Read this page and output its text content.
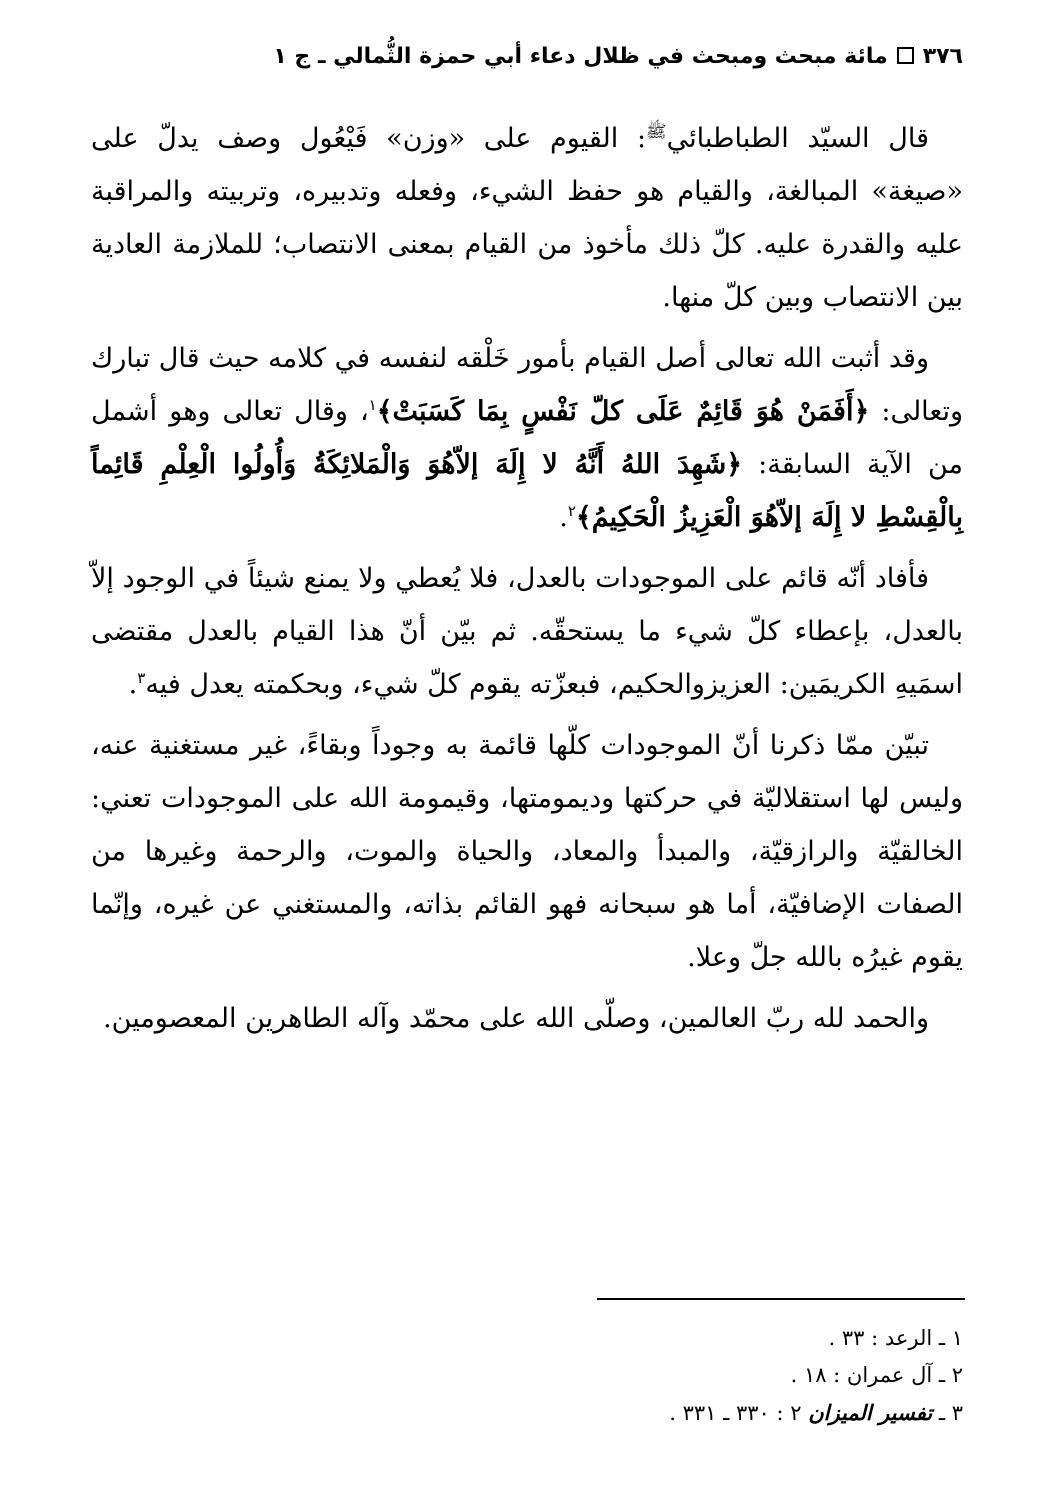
٣٧٦مائة مبحث ومبحث في ظلال دعاء أبي حمزة الثُّمالي ـ ج ١

قال السيّد الطباطبائي$^ﷺ$: القيوم على «وزن» فَيْعُول وصف يدلّ على «صيغة» المبالغة، والقيام هو حفظ الشيء، وفعله وتدبيره، وتربيته والمراقبة عليه والقدرة عليه. كلّ ذلك مأخوذ من القيام بمعنى الانتصاب؛ للملازمة العادية بين الانتصاب وبين كلّ منها.

وقد أثبت الله تعالى أصل القيام بأمور خَلْقه لنفسه في كلامه حيث قال تبارك وتعالى: ﴿أَفَمَنْ هُوَ قَائِمٌ عَلَى كلّ نَفْسٍ بِمَا كَسَبَتْ﴾$^١$، وقال تعالى وهو أشمل من الآية السابقة: ﴿شَهِدَ اللهُ أَنَّهُ لا إِلَهَ إلاّهُوَ وَالْمَلائِكَةُ وَأُولُوا الْعِلْمِ قَائِماً بِالْقِسْطِ لا إِلَهَ إلاّهُوَ الْعَزِيزُ الْحَكِيمُ﴾$^٢$.

فأفاد أنّه قائم على الموجودات بالعدل، فلا يُعطي ولا يمنع شيئاً في الوجود إلاّ بالعدل، بإعطاء كلّ شيء ما يستحقّه. ثم بيّن أنّ هذا القيام بالعدل مقتضى اسمَيهِ الكريمَين: العزيزوالحكيم، فبعزّته يقوم كلّ شيء، وبحكمته يعدل فيه$^٣$.

تبيّن ممّا ذكرنا أنّ الموجودات كلّها قائمة به وجوداً وبقاءً، غير مستغنية عنه، وليس لها استقلاليّة في حركتها وديمومتها، وقيمومة الله على الموجودات تعني: الخالقيّة والرازقيّة، والمبدأ والمعاد، والحياة والموت، والرحمة وغيرها من الصفات الإضافيّة، أما هو سبحانه فهو القائم بذاته، والمستغني عن غيره، وإنّما يقوم غيرُه بالله جلّ وعلا.

والحمد لله ربّ العالمين، وصلّى الله على محمّد وآله الطاهرين المعصومين.

١ ـ الرعد : ٣٣ .
٢ ـ آل عمران : ١٨ .
٣ ـ تفسير الميزان ٢ : ٣٣٠ ـ ٣٣١ .
